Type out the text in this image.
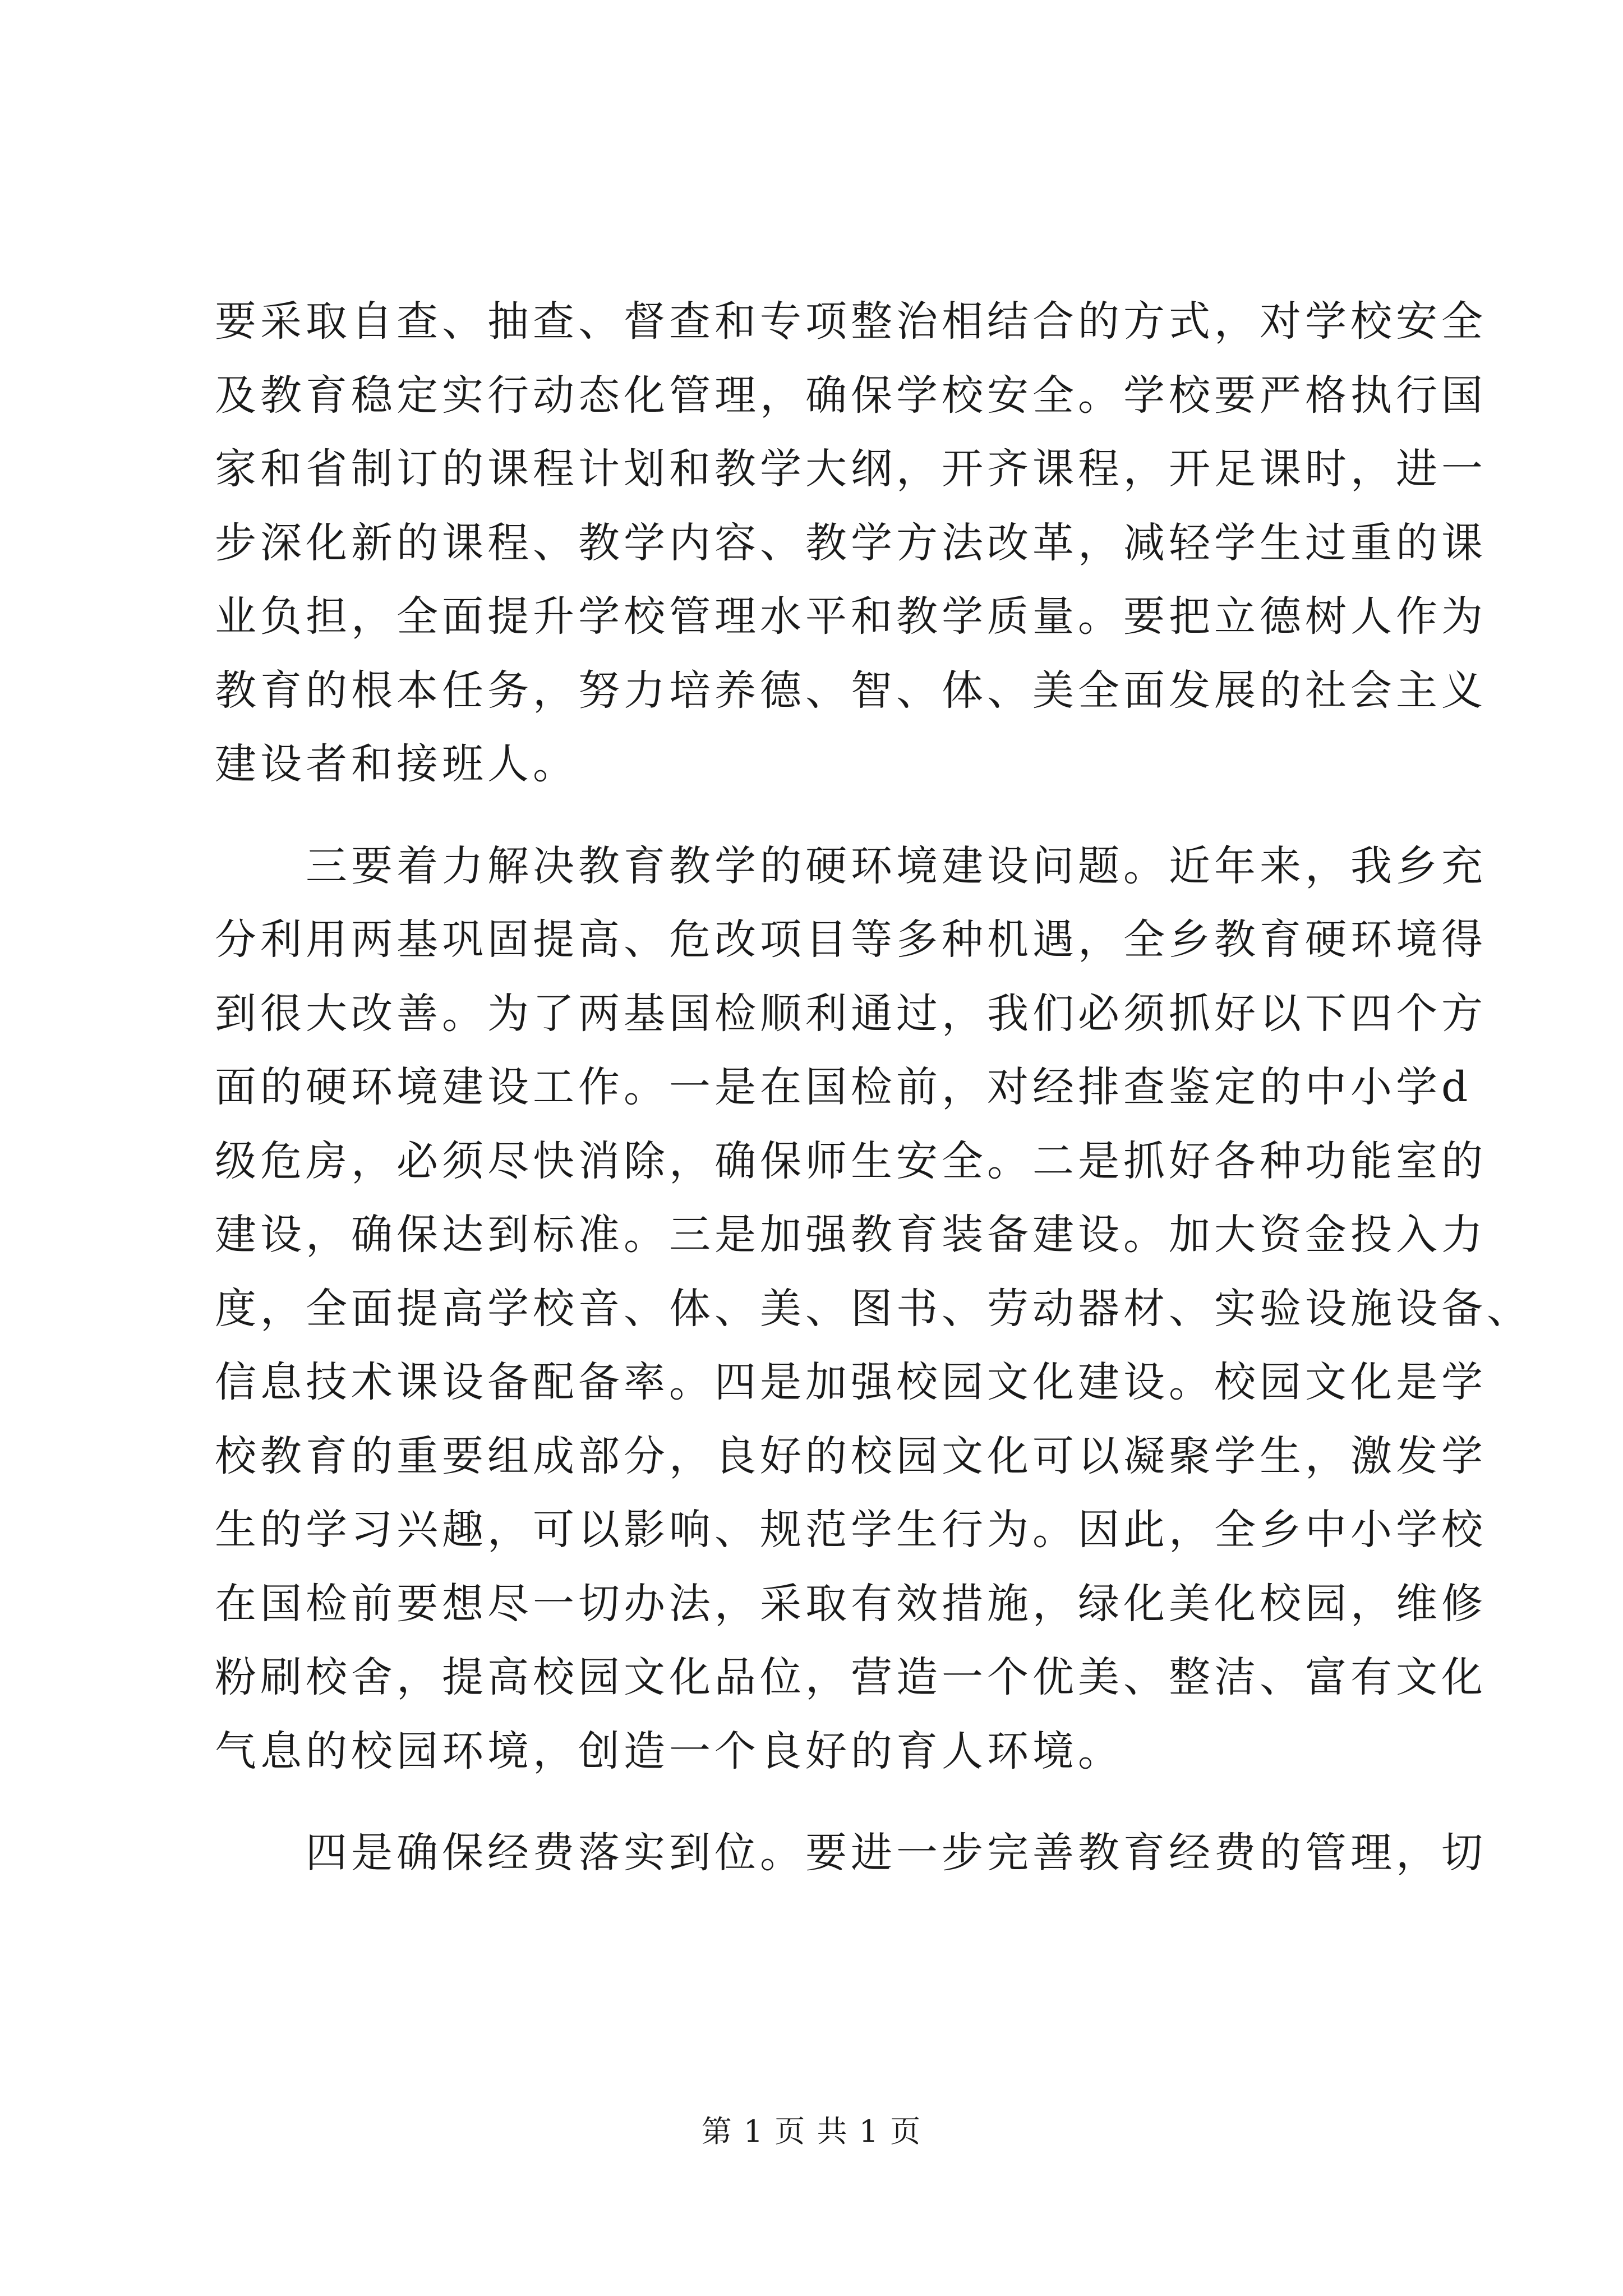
要采取自查、抽查、督查和专项整治相结合的方式，对学校安全
及教育稳定实行动态化管理，确保学校安全。学校要严格执行国
家和省制订的课程计划和教学大纲，开齐课程，开足课时，进一
步深化新的课程、教学内容、教学方法改革，减轻学生过重的课
业负担，全面提升学校管理水平和教学质量。要把立德树人作为
教育的根本任务，努力培养德、智、体、美全面发展的社会主义
建设者和接班人。
　　三要着力解决教育教学的硬环境建设问题。近年来，我乡充
分利用两基巩固提高、危改项目等多种机遇，全乡教育硬环境得
到很大改善。为了两基国检顺利通过，我们必须抓好以下四个方
面的硬环境建设工作。一是在国检前，对经排查鉴定的中小学d
级危房，必须尽快消除，确保师生安全。二是抓好各种功能室的
建设，确保达到标准。三是加强教育装备建设。加大资金投入力
度，全面提高学校音、体、美、图书、劳动器材、实验设施设备、
信息技术课设备配备率。四是加强校园文化建设。校园文化是学
校教育的重要组成部分，良好的校园文化可以凝聚学生，激发学
生的学习兴趣，可以影响、规范学生行为。因此，全乡中小学校
在国检前要想尽一切办法，采取有效措施，绿化美化校园，维修
粉刷校舍，提高校园文化品位，营造一个优美、整洁、富有文化
气息的校园环境，创造一个良好的育人环境。
　　四是确保经费落实到位。要进一步完善教育经费的管理，切
第 1 页 共 1 页
